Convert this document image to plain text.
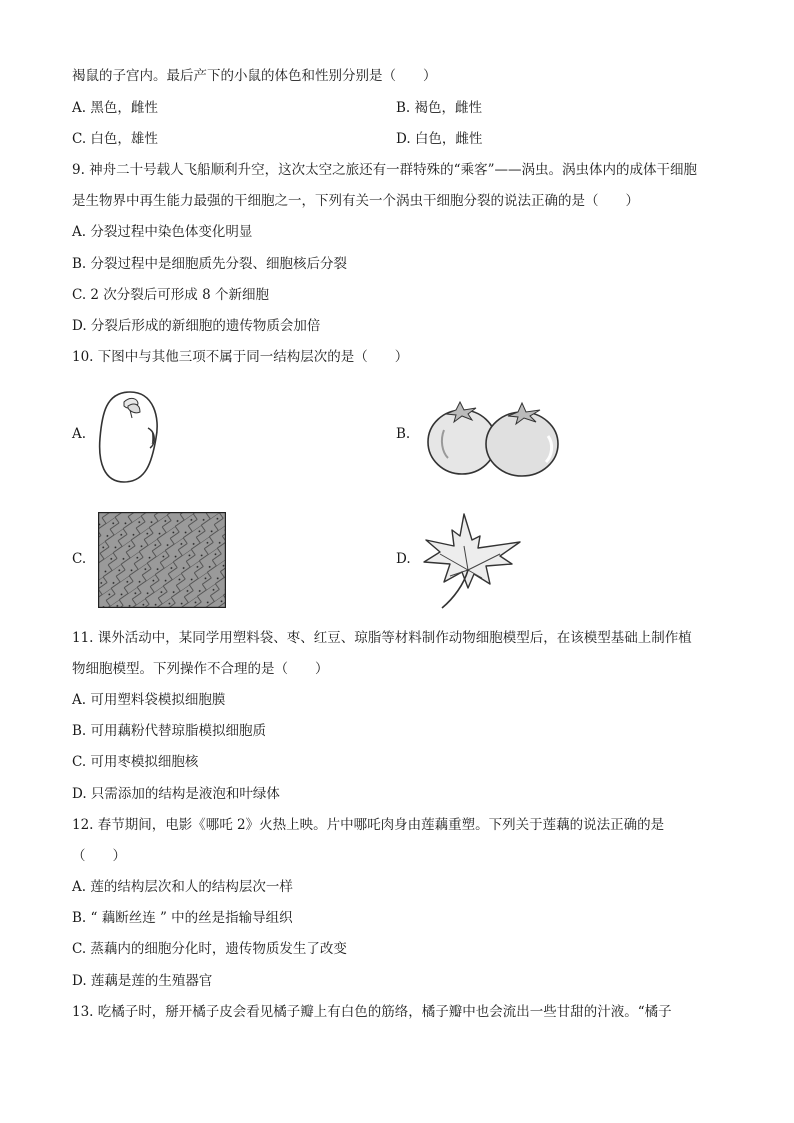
褐鼠的子宫内。最后产下的小鼠的体色和性别分别是（　　）
A. 黑色，雌性	B. 褐色，雌性
C. 白色，雄性	D. 白色，雌性
9. 神舟二十号载人飞船顺利升空，这次太空之旅还有一群特殊的“乘客”——涡虫。涡虫体内的成体干细胞
是生物界中再生能力最强的干细胞之一，下列有关一个涡虫干细胞分裂的说法正确的是（　　）
A. 分裂过程中染色体变化明显
B. 分裂过程中是细胞质先分裂、细胞核后分裂
C. 2 次分裂后可形成 8 个新细胞
D. 分裂后形成的新细胞的遗传物质会加倍
10. 下图中与其他三项不属于同一结构层次的是（　　）
A.	B.
C.	D.
11. 课外活动中，某同学用塑料袋、枣、红豆、琼脂等材料制作动物细胞模型后，在该模型基础上制作植
物细胞模型。下列操作不合理的是（　　）
A. 可用塑料袋模拟细胞膜
B. 可用藕粉代替琼脂模拟细胞质
C. 可用枣模拟细胞核
D. 只需添加的结构是液泡和叶绿体
12. 春节期间，电影《哪吒 2》火热上映。片中哪吒肉身由莲藕重塑。下列关于莲藕的说法正确的是
（　　）
A. 莲的结构层次和人的结构层次一样
B. “ 藕断丝连 ” 中的丝是指输导组织
C. 蒸藕内的细胞分化时，遗传物质发生了改变
D. 莲藕是莲的生殖器官
13. 吃橘子时，掰开橘子皮会看见橘子瓣上有白色的筋络，橘子瓣中也会流出一些甘甜的汁液。“橘子
